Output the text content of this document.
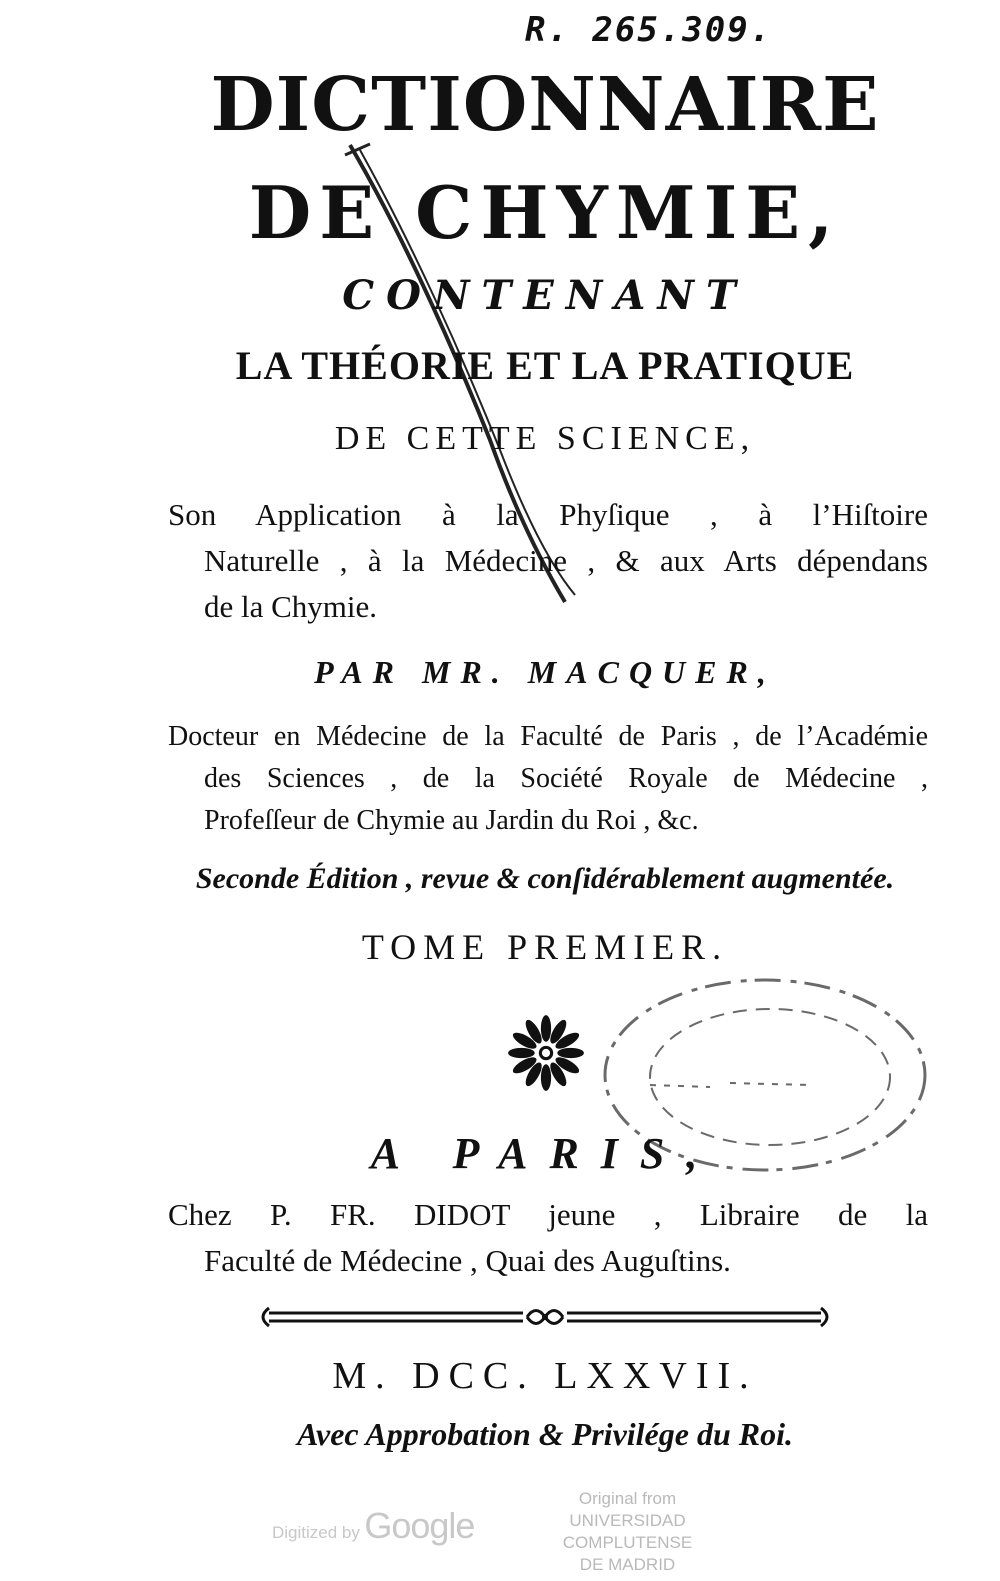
R. 265.309.
DICTIONNAIRE
DE CHYMIE,
CONTENANT
LA THÉORIE ET LA PRATIQUE
DE CETTE SCIENCE,
Son Application à la Phyſique , à l’Hiſtoire
Naturelle , à la Médecine , & aux Arts dépendans
de la Chymie.
PAR MR. MACQUER,
Docteur en Médecine de la Faculté de Paris , de l’Académie
des Sciences , de la Société Royale de Médecine ,
Profeſſeur de Chymie au Jardin du Roi , &c.
Seconde Édition , revue & conſidérablement augmentée.
TOME PREMIER.
A PARIS,
Chez P. FR. DIDOT jeune , Libraire de la
Faculté de Médecine , Quai des Auguſtins.
M. DCC. LXXVII.
Avec Approbation & Privilége du Roi.
Digitized by Google
Original from
UNIVERSIDAD COMPLUTENSE
DE MADRID
